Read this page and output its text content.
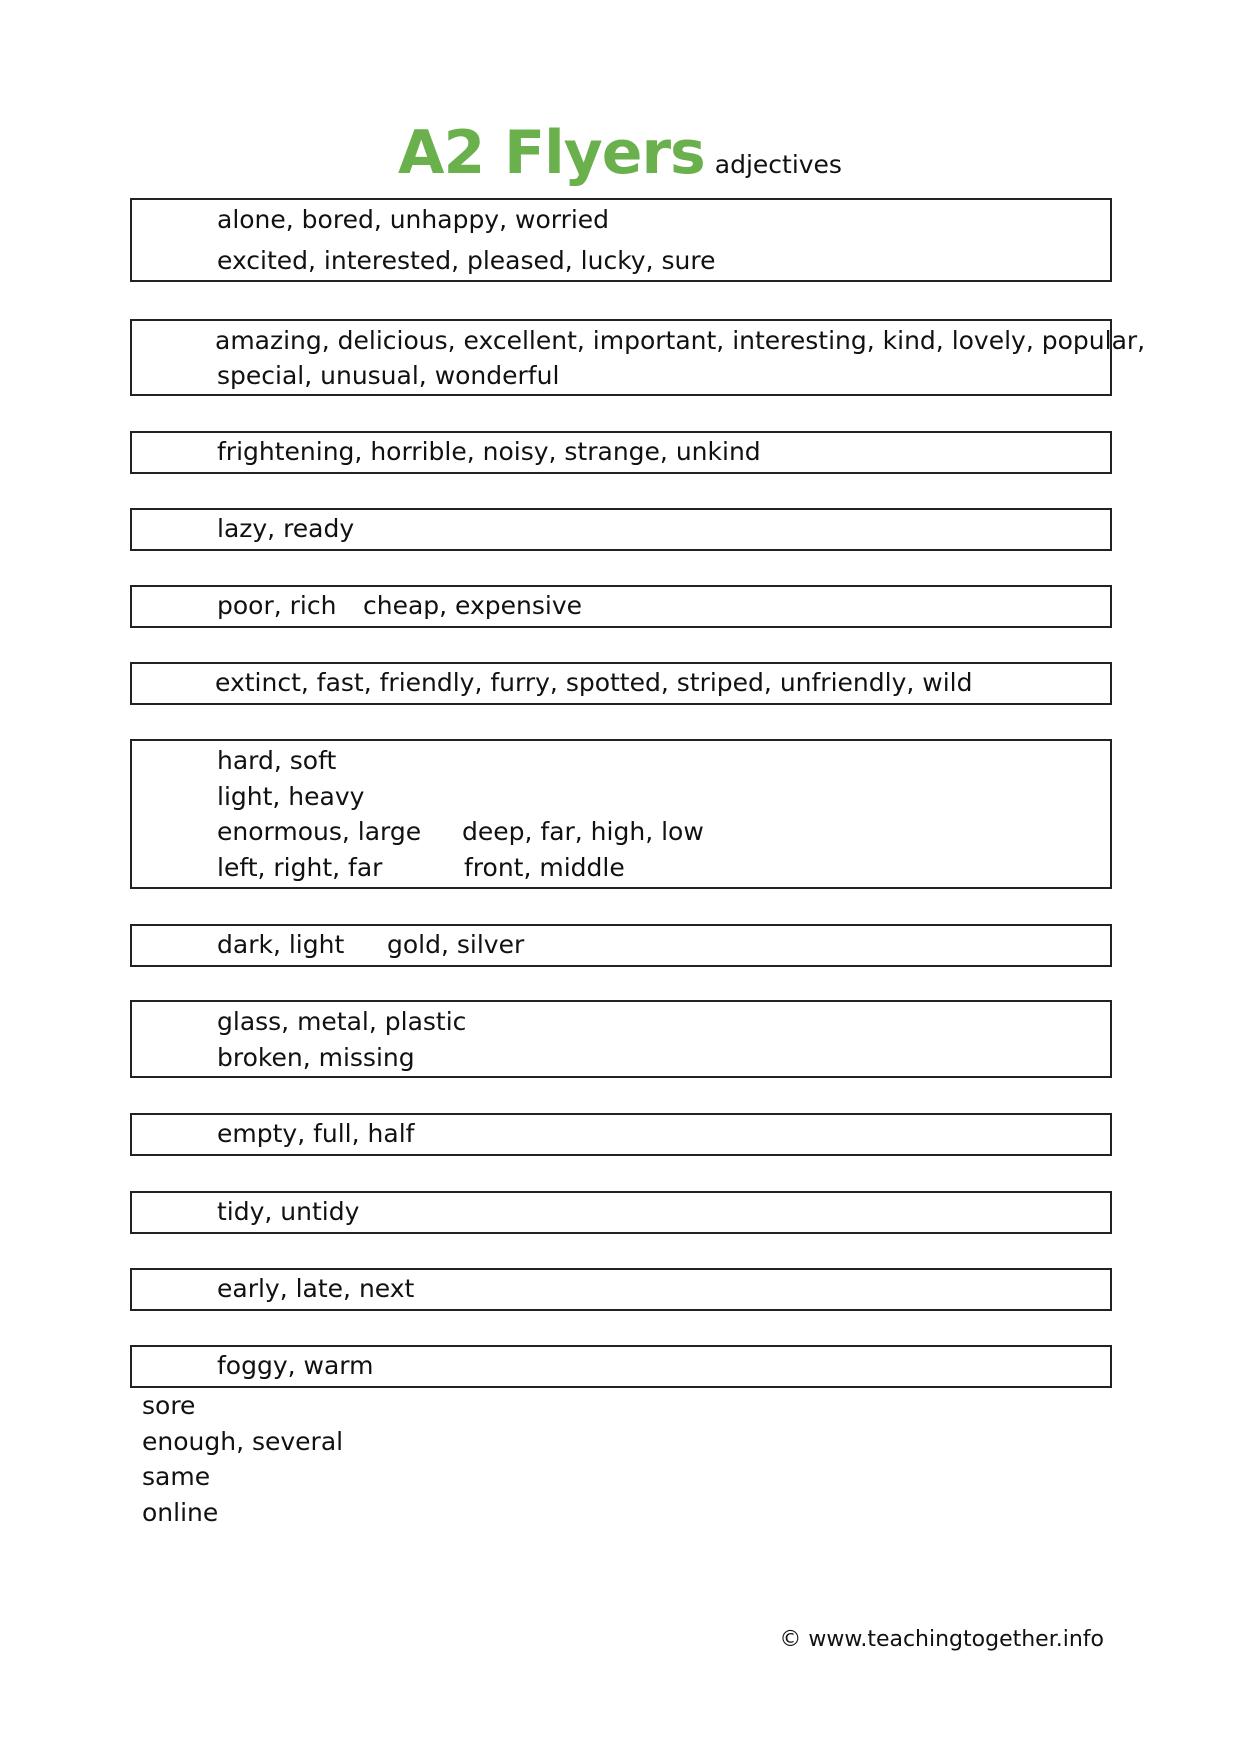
A2 Flyers adjectives
alone, bored, unhappy, worried
excited, interested, pleased, lucky, sure
amazing, delicious, excellent, important, interesting, kind, lovely, popular,
special, unusual, wonderful
frightening, horrible, noisy, strange, unkind
lazy, ready
poor, rich cheap, expensive
extinct, fast, friendly, furry, spotted, striped, unfriendly, wild
hard, soft
light, heavy
enormous, large deep, far, high, low
left, right, far	front, middle
dark, light gold, silver
glass, metal, plastic
broken, missing
empty, full, half
tidy, untidy
early, late, next
foggy, warm
sore
enough, several
same
online
© www.teachingtogether.info
